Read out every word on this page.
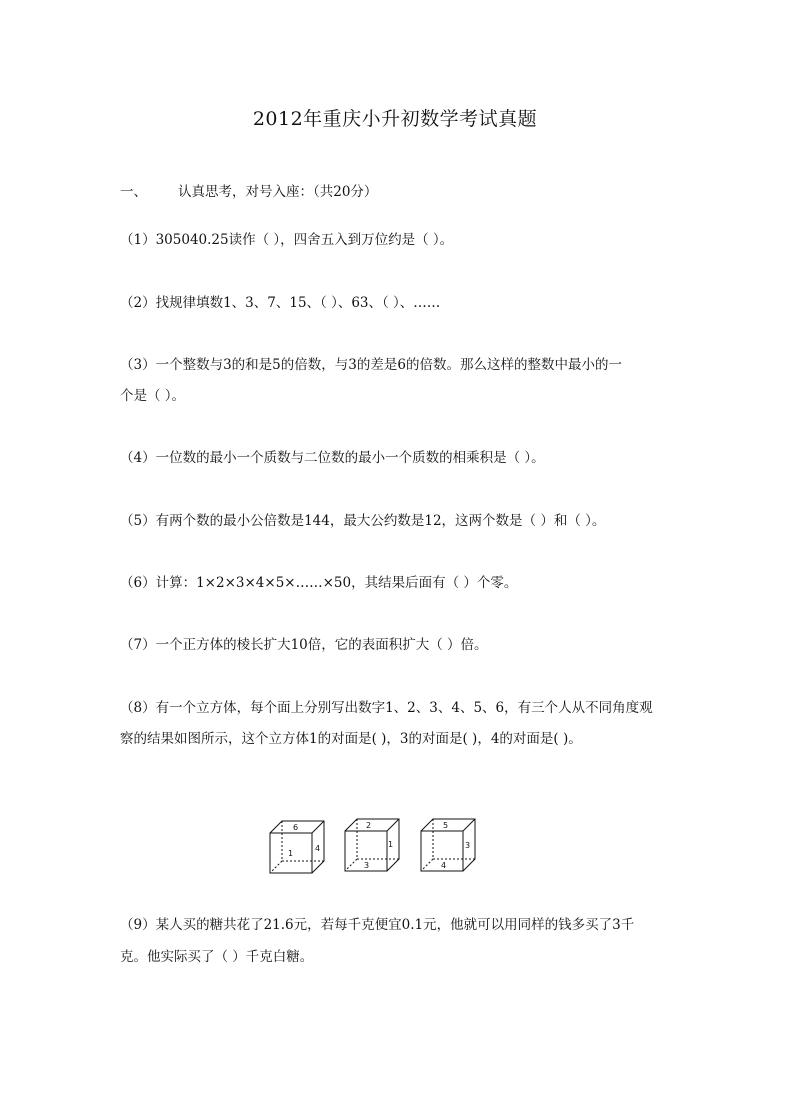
2012年重庆小升初数学考试真题
一、 认真思考，对号入座：（共20分）
（1）305040.25读作（ ），四舍五入到万位约是（ ）。
（2）找规律填数1、3、7、15、（ ）、63、（ ）、……
（3）一个整数与3的和是5的倍数，与3的差是6的倍数。那么这样的整数中最小的一
个是（ ）。
（4）一位数的最小一个质数与二位数的最小一个质数的相乘积是（ ）。
（5）有两个数的最小公倍数是144，最大公约数是12，这两个数是（ ）和（ ）。
（6）计算：1×2×3×4×5×……×50，其结果后面有（ ）个零。
（7）一个正方体的棱长扩大10倍，它的表面积扩大（ ）倍。
（8）有一个立方体，每个面上分别写出数字1、2、3、4、5、6，有三个人从不同角度观
察的结果如图所示，这个立方体1的对面是( )，3的对面是( )，4的对面是( )。
6
1
4
2
3
1
5
4
3
（9）某人买的糖共花了21.6元，若每千克便宜0.1元，他就可以用同样的钱多买了3千
克。他实际买了（ ）千克白糖。
